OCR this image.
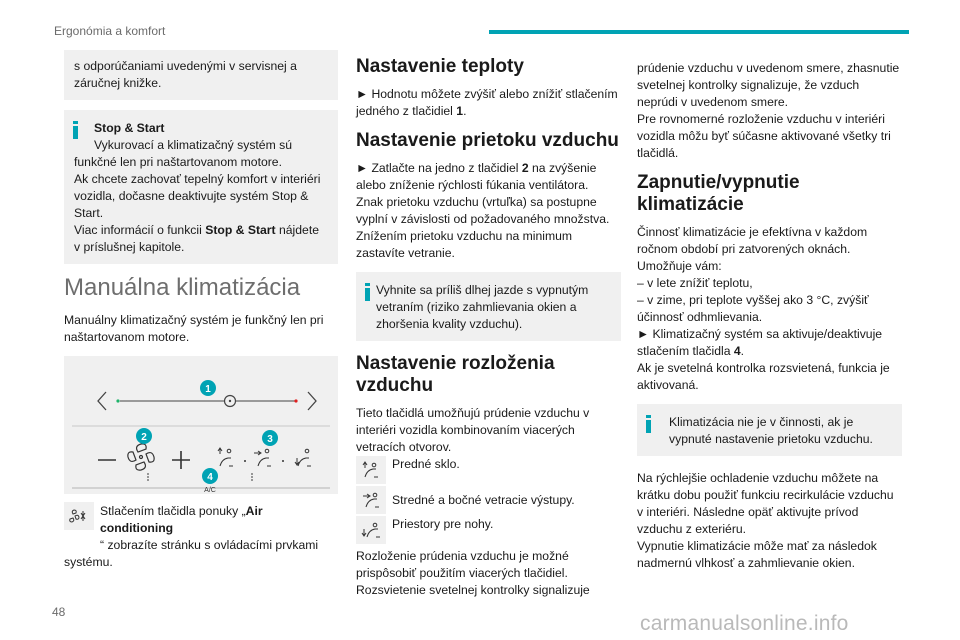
Ergonómia a komfort
s odporúčaniami uvedenými v servisnej a záručnej knižke.
Stop & Start
Vykurovací a klimatizačný systém sú
funkčné len pri naštartovanom motore.
Ak chcete zachovať tepelný komfort v interiéri vozidla, dočasne deaktivujte systém Stop & Start.
Viac informácií o funkcii Stop & Start nájdete v príslušnej kapitole.
Manuálna klimatizácia

Manuálny klimatizačný systém je funkčný len pri naštartovanom motore.

1
2	3
4
A/C
Stlačením tlačidla ponuky „Air conditioning
“ zobrazíte stránku s ovládacími prvkami systému.
Nastavenie teploty

► Hodnotu môžete zvýšiť alebo znížiť stlačením jedného z tlačidiel 1.

Nastavenie prietoku vzduchu

► Zatlačte na jedno z tlačidiel 2 na zvýšenie alebo zníženie rýchlosti fúkania ventilátora.

Znak prietoku vzduchu (vrtuľka) sa postupne vyplní v závislosti od požadovaného množstva.

Znížením prietoku vzduchu na minimum zastavíte vetranie.

Vyhnite sa príliš dlhej jazde s vypnutým vetraním (riziko zahmlievania okien a zhoršenia kvality vzduchu).
Nastavenie rozloženia vzduchu

Tieto tlačidlá umožňujú prúdenie vzduchu v interiéri vozidla kombinovaním viacerých vetracích otvorov.

Predné sklo.
Stredné a bočné vetracie výstupy.
Priestory pre nohy.

Rozloženie prúdenia vzduchu je možné prispôsobiť použitím viacerých tlačidiel.

Rozsvietenie svetelnej kontrolky signalizuje

prúdenie vzduchu v uvedenom smere, zhasnutie svetelnej kontrolky signalizuje, že vzduch neprúdi v uvedenom smere.

Pre rovnomerné rozloženie vzduchu v interiéri vozidla môžu byť súčasne aktivované všetky tri tlačidlá.

Zapnutie/vypnutie klimatizácie

Činnosť klimatizácie je efektívna v každom ročnom období pri zatvorených oknách.

Umožňuje vám:

– v lete znížiť teplotu,

– v zime, pri teplote vyššej ako 3 °C, zvýšiť účinnosť odhmlievania.

► Klimatizačný systém sa aktivuje/deaktivuje stlačením tlačidla 4.

Ak je svetelná kontrolka rozsvietená, funkcia je aktivovaná.

Klimatizácia nie je v činnosti, ak je vypnuté nastavenie prietoku vzduchu.

Na rýchlejšie ochladenie vzduchu môžete na krátku dobu použiť funkciu recirkulácie vzduchu v interiéri. Následne opäť aktivujte prívod vzduchu z exteriéru.

Vypnutie klimatizácie môže mať za následok nadmernú vlhkosť a zahmlievanie okien.

48	carmanualsonline.info
